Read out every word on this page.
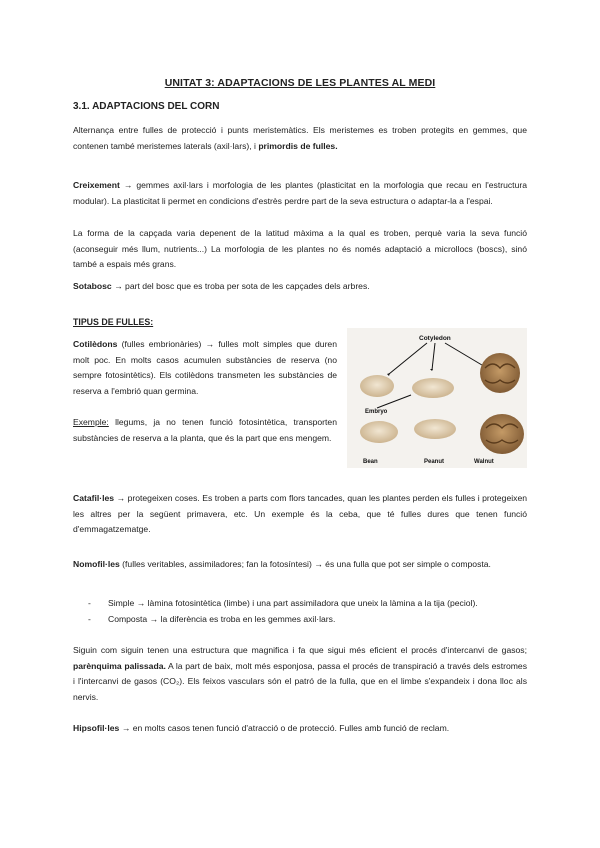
UNITAT 3: ADAPTACIONS DE LES PLANTES AL MEDI
3.1. ADAPTACIONS DEL CORN

Alternança entre fulles de protecció i punts meristemàtics. Els meristemes es troben protegits en gemmes, que contenen també meristemes laterals (axil·lars), i primordis de fulles.

Creixement → gemmes axil·lars i morfologia de les plantes (plasticitat en la morfologia que recau en l'estructura modular). La plasticitat li permet en condicions d'estrès perdre part de la seva estructura o adaptar-la a l'espai.

La forma de la capçada varia depenent de la latitud màxima a la qual es troben, perquè varia la seva funció (aconseguir més llum, nutrients...) La morfologia de les plantes no és només adaptació a microllocs (boscs), sinó també a espais més grans.

Sotabosc → part del bosc que es troba per sota de les capçades dels arbres.

TIPUS DE FULLES:

Cotilèdons (fulles embrionàries) → fulles molt simples que duren molt poc. En molts casos acumulen substàncies de reserva (no sempre fotosintètics). Els cotilèdons transmeten les substàncies de reserva a l'embrió quan germina.

Exemple: llegums, ja no tenen funció fotosintètica, transporten substàncies de reserva a la planta, que és la part que ens mengem.

Cotyledon
Embryo
Bean	Peanut	Walnut

Catafil·les → protegeixen coses. Es troben a parts com flors tancades, quan les plantes perden els fulles i protegeixen les altres per la següent primavera, etc. Un exemple és la ceba, que té fulles dures que tenen funció d'emmagatzematge.

Nomofil·les (fulles veritables, assimiladores; fan la fotosíntesi) → és una fulla que pot ser simple o composta.

- Simple → làmina fotosintètica (limbe) i una part assimiladora que uneix la làmina a la tija (peciol).
- Composta → la diferència es troba en les gemmes axil·lars.

Siguin com siguin tenen una estructura que magnifica i fa que sigui més eficient el procés d'intercanvi de gasos; parènquima palissada. A la part de baix, molt més esponjosa, passa el procés de transpiració a través dels estromes i l'intercanvi de gasos (CO₂). Els feixos vasculars són el patró de la fulla, que en el limbe s'expandeix i dona lloc als nervis.

Hipsofil·les → en molts casos tenen funció d'atracció o de protecció. Fulles amb funció de reclam.
